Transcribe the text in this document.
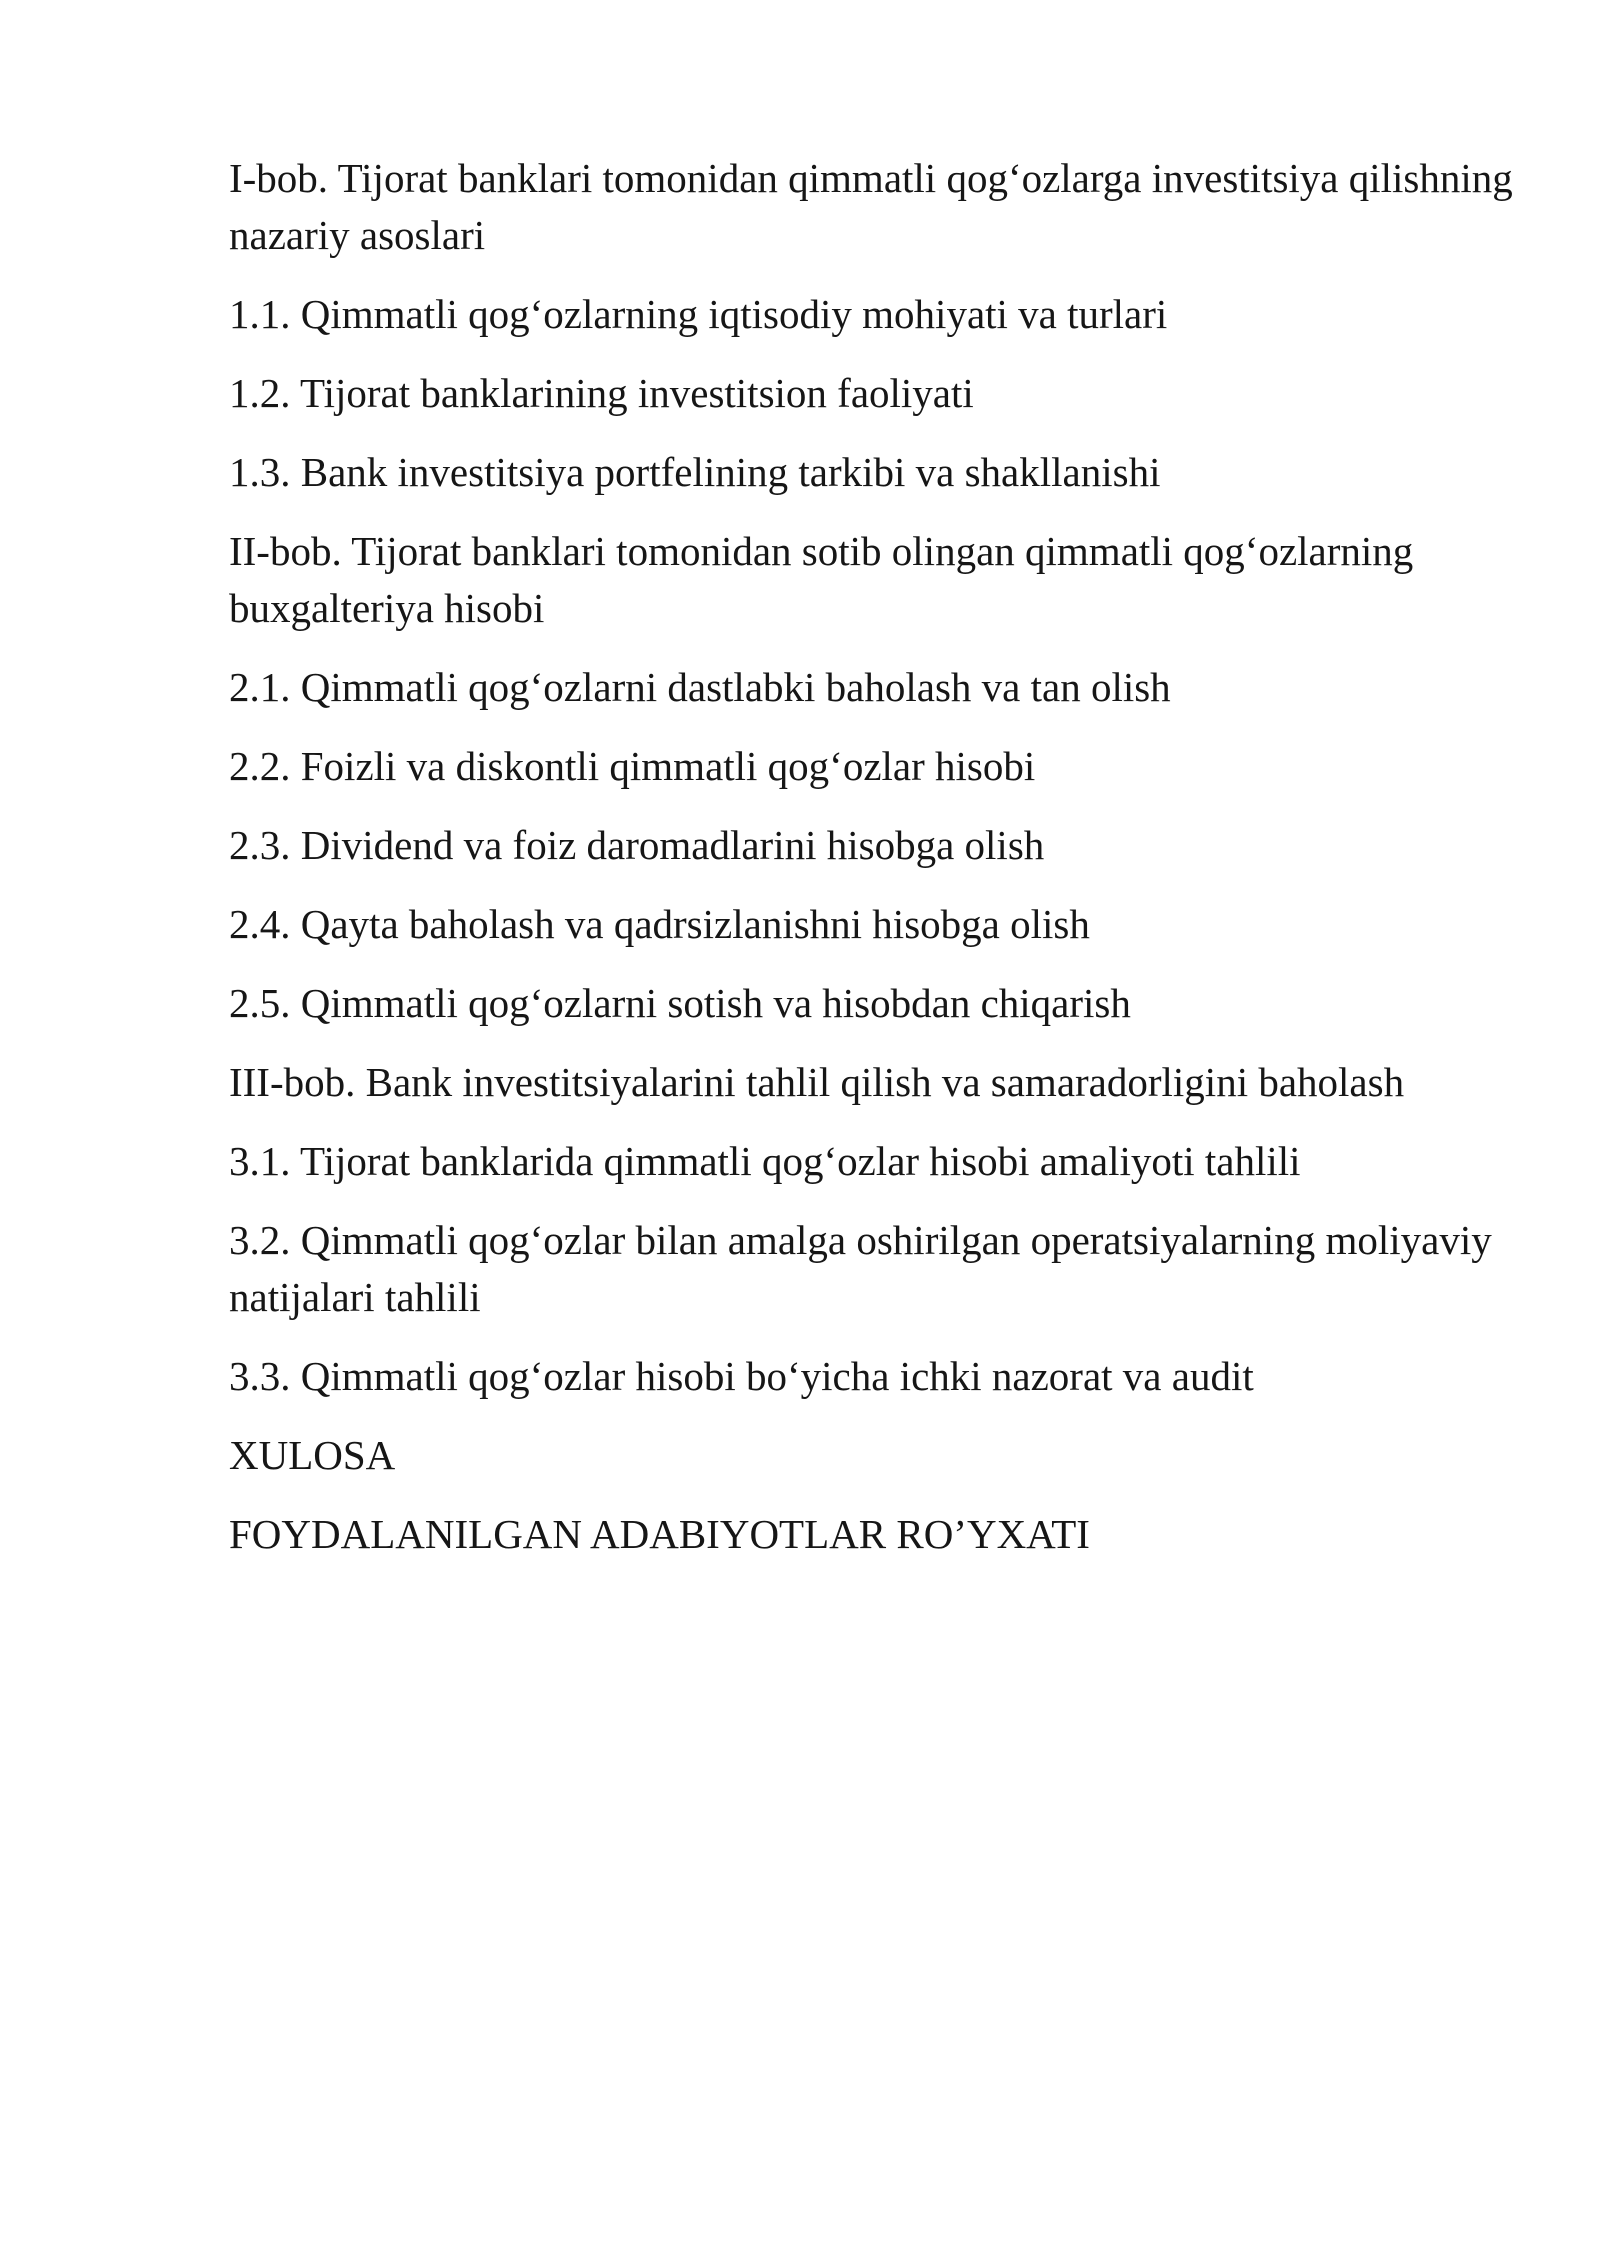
I-bob. Tijorat banklari tomonidan qimmatli qog‘ozlarga investitsiya qilishning nazariy asoslari
1.1. Qimmatli qog‘ozlarning iqtisodiy mohiyati va turlari
1.2. Tijorat banklarining investitsion faoliyati
1.3. Bank investitsiya portfelining tarkibi va shakllanishi
II-bob. Tijorat banklari tomonidan sotib olingan qimmatli qog‘ozlarning buxgalteriya hisobi
2.1. Qimmatli qog‘ozlarni dastlabki baholash va tan olish
2.2. Foizli va diskontli qimmatli qog‘ozlar hisobi
2.3. Dividend va foiz daromadlarini hisobga olish
2.4. Qayta baholash va qadrsizlanishni hisobga olish
2.5. Qimmatli qog‘ozlarni sotish va hisobdan chiqarish
III-bob. Bank investitsiyalarini tahlil qilish va samaradorligini baholash
3.1. Tijorat banklarida qimmatli qog‘ozlar hisobi amaliyoti tahlili
3.2. Qimmatli qog‘ozlar bilan amalga oshirilgan operatsiyalarning moliyaviy natijalari tahlili
3.3. Qimmatli qog‘ozlar hisobi bo‘yicha ichki nazorat va audit
XULOSA
FOYDALANILGAN ADABIYOTLAR RO’YXATI
